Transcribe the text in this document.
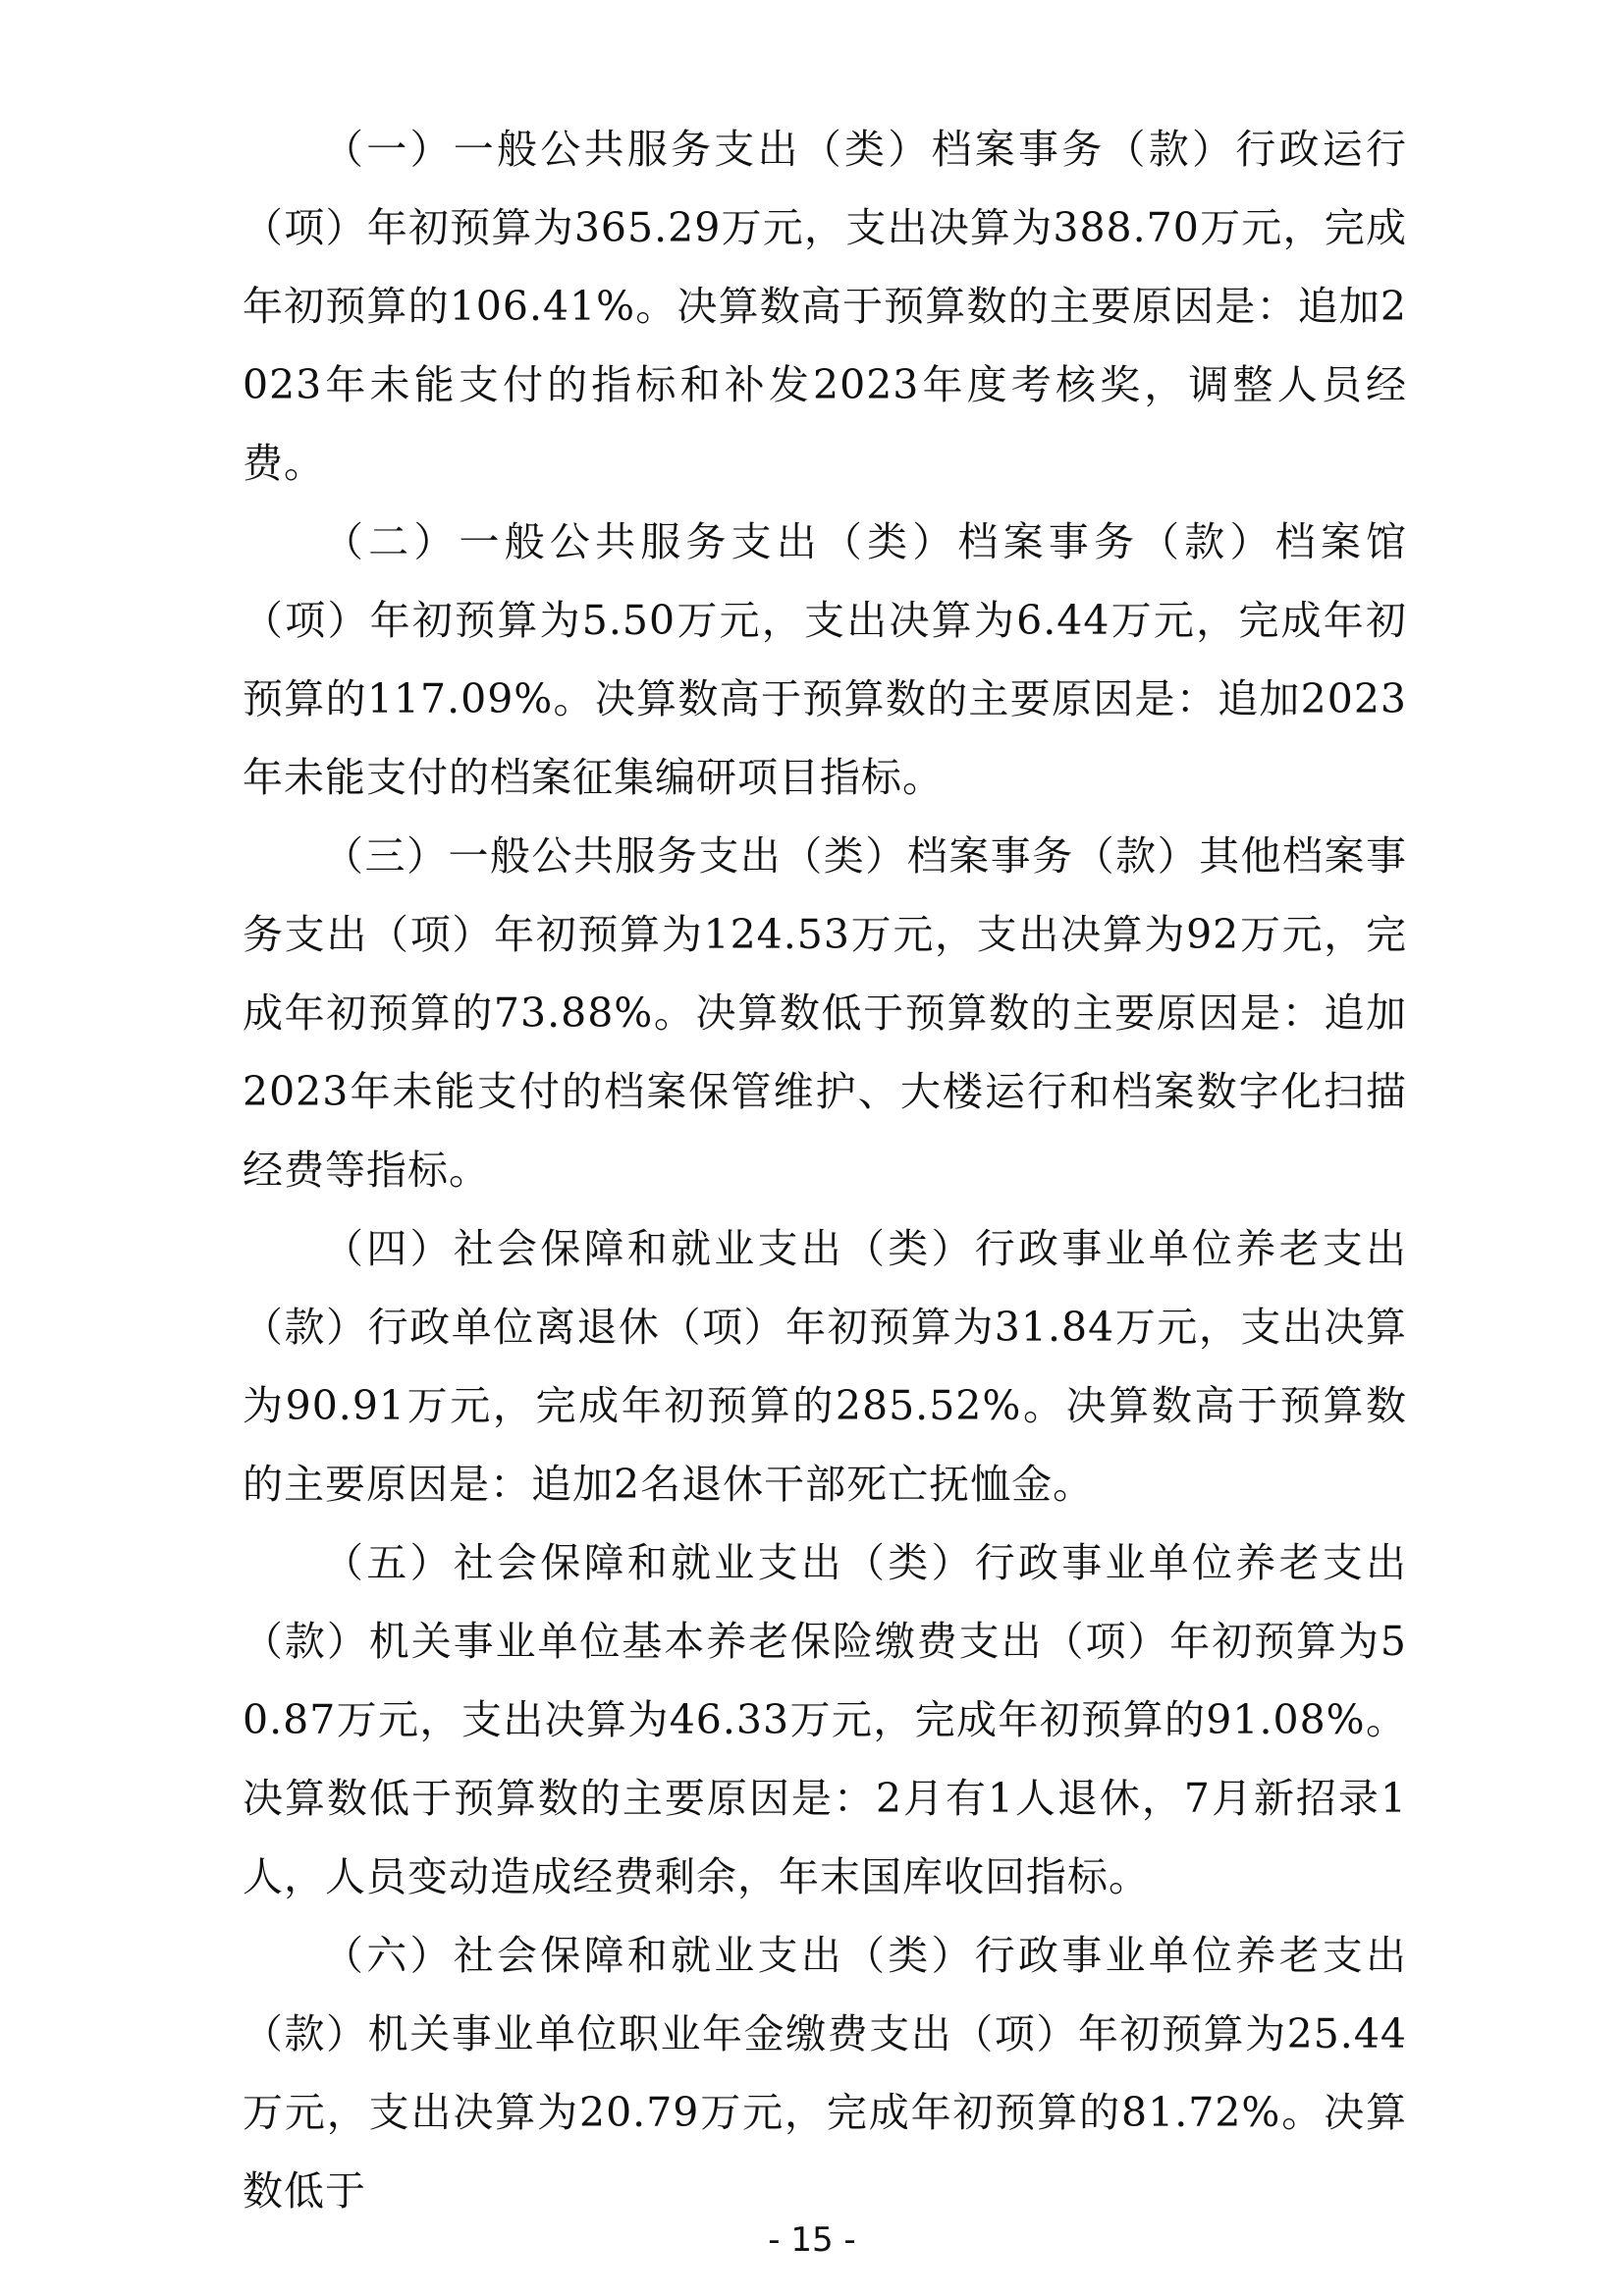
（一）一般公共服务支出（类）档案事务（款）行政运行（项）年初预算为365.29万元，支出决算为388.70万元，完成年初预算的106.41%。决算数高于预算数的主要原因是：追加2023年未能支付的指标和补发2023年度考核奖，调整人员经费。

（二）一般公共服务支出（类）档案事务（款）档案馆（项）年初预算为5.50万元，支出决算为6.44万元，完成年初预算的117.09%。决算数高于预算数的主要原因是：追加2023年未能支付的档案征集编研项目指标。

（三）一般公共服务支出（类）档案事务（款）其他档案事务支出（项）年初预算为124.53万元，支出决算为92万元，完成年初预算的73.88%。决算数低于预算数的主要原因是：追加2023年未能支付的档案保管维护、大楼运行和档案数字化扫描经费等指标。

（四）社会保障和就业支出（类）行政事业单位养老支出（款）行政单位离退休（项）年初预算为31.84万元，支出决算为90.91万元，完成年初预算的285.52%。决算数高于预算数的主要原因是：追加2名退休干部死亡抚恤金。

（五）社会保障和就业支出（类）行政事业单位养老支出（款）机关事业单位基本养老保险缴费支出（项）年初预算为50.87万元，支出决算为46.33万元，完成年初预算的91.08%。决算数低于预算数的主要原因是：2月有1人退休，7月新招录1人，人员变动造成经费剩余，年末国库收回指标。

（六）社会保障和就业支出（类）行政事业单位养老支出（款）机关事业单位职业年金缴费支出（项）年初预算为25.44万元，支出决算为20.79万元，完成年初预算的81.72%。决算数低于

- 15 -
